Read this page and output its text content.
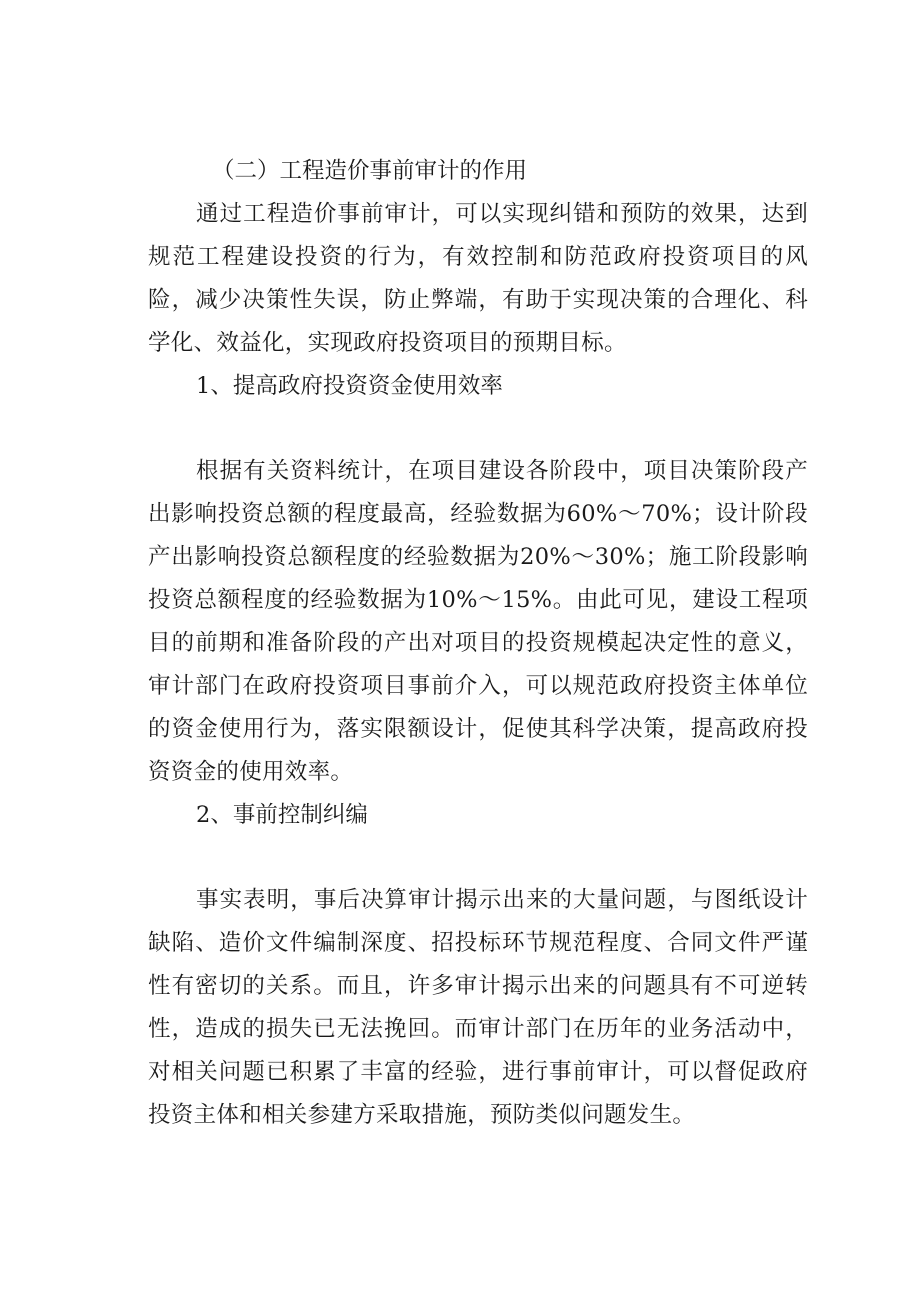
（二）工程造价事前审计的作用

通过工程造价事前审计，可以实现纠错和预防的效果，达到规范工程建设投资的行为，有效控制和防范政府投资项目的风险，减少决策性失误，防止弊端，有助于实现决策的合理化、科学化、效益化，实现政府投资项目的预期目标。

1、提高政府投资资金使用效率

根据有关资料统计，在项目建设各阶段中，项目决策阶段产出影响投资总额的程度最高，经验数据为60%～70%；设计阶段产出影响投资总额程度的经验数据为20%～30%；施工阶段影响投资总额程度的经验数据为10%～15%。由此可见，建设工程项目的前期和准备阶段的产出对项目的投资规模起决定性的意义，审计部门在政府投资项目事前介入，可以规范政府投资主体单位的资金使用行为，落实限额设计，促使其科学决策，提高政府投资资金的使用效率。

2、事前控制纠编

事实表明，事后决算审计揭示出来的大量问题，与图纸设计缺陷、造价文件编制深度、招投标环节规范程度、合同文件严谨性有密切的关系。而且，许多审计揭示出来的问题具有不可逆转性，造成的损失已无法挽回。而审计部门在历年的业务活动中，对相关问题已积累了丰富的经验，进行事前审计，可以督促政府投资主体和相关参建方采取措施，预防类似问题发生。
